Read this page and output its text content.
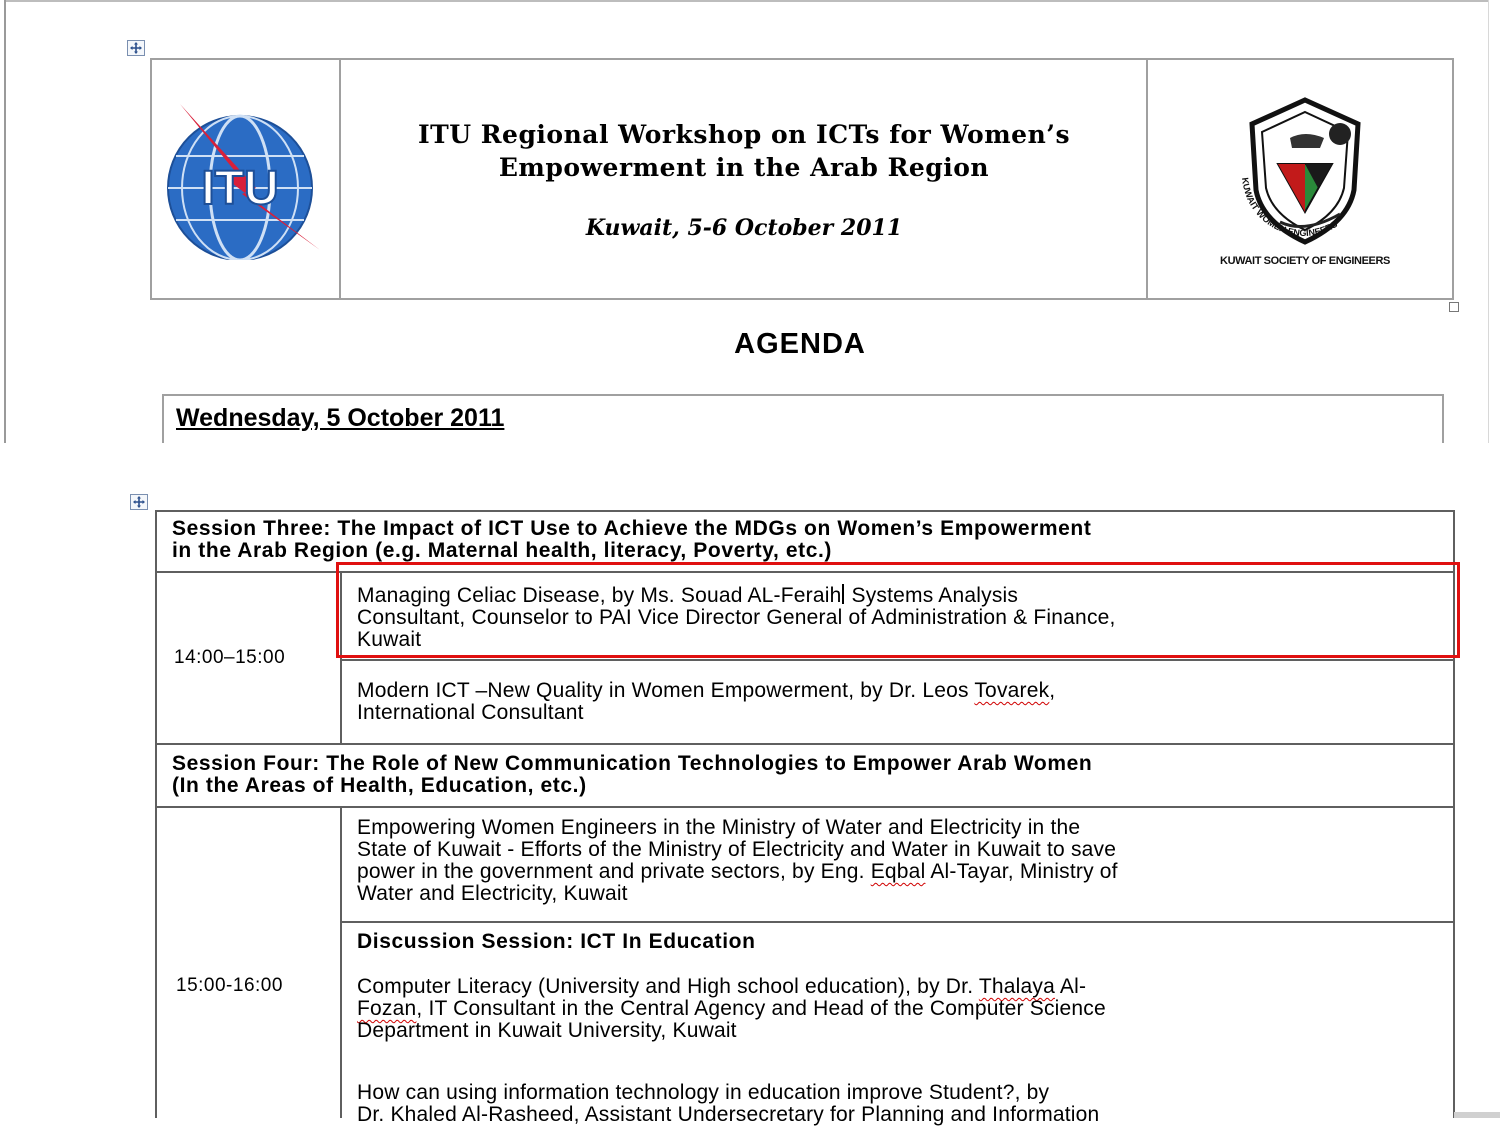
ITU
ITU Regional Workshop on ICTs for Women’s
Empowerment in the Arab Region
Kuwait, 5-6 October 2011
KUWAIT WOMEN ENGINEERS
KUWAIT SOCIETY OF ENGINEERS
AGENDA
Wednesday, 5 October 2011
Session Three: The Impact of ICT Use to Achieve the MDGs on Women’s Empowerment
in the Arab Region (e.g. Maternal health, literacy, Poverty, etc.)
14:00–15:00
Managing Celiac Disease, by Ms. Souad AL-Feraih Systems Analysis
Consultant, Counselor to PAI Vice Director General of Administration & Finance,
Kuwait
Modern ICT –New Quality in Women Empowerment, by Dr. Leos Tovarek,
International Consultant
Session Four: The Role of New Communication Technologies to Empower Arab Women
(In the Areas of Health, Education, etc.)
15:00-16:00
Empowering Women Engineers in the Ministry of Water and Electricity in the
State of Kuwait - Efforts of the Ministry of Electricity and Water in Kuwait to save
power in the government and private sectors, by Eng. Eqbal Al-Tayar, Ministry of
Water and Electricity, Kuwait
Discussion Session: ICT In Education
Computer Literacy (University and High school education), by Dr. Thalaya Al-
Fozan, IT Consultant in the Central Agency and Head of the Computer Science
Department in Kuwait University, Kuwait
How can using information technology in education improve Student?, by
Dr. Khaled Al-Rasheed, Assistant Undersecretary for Planning and Information
